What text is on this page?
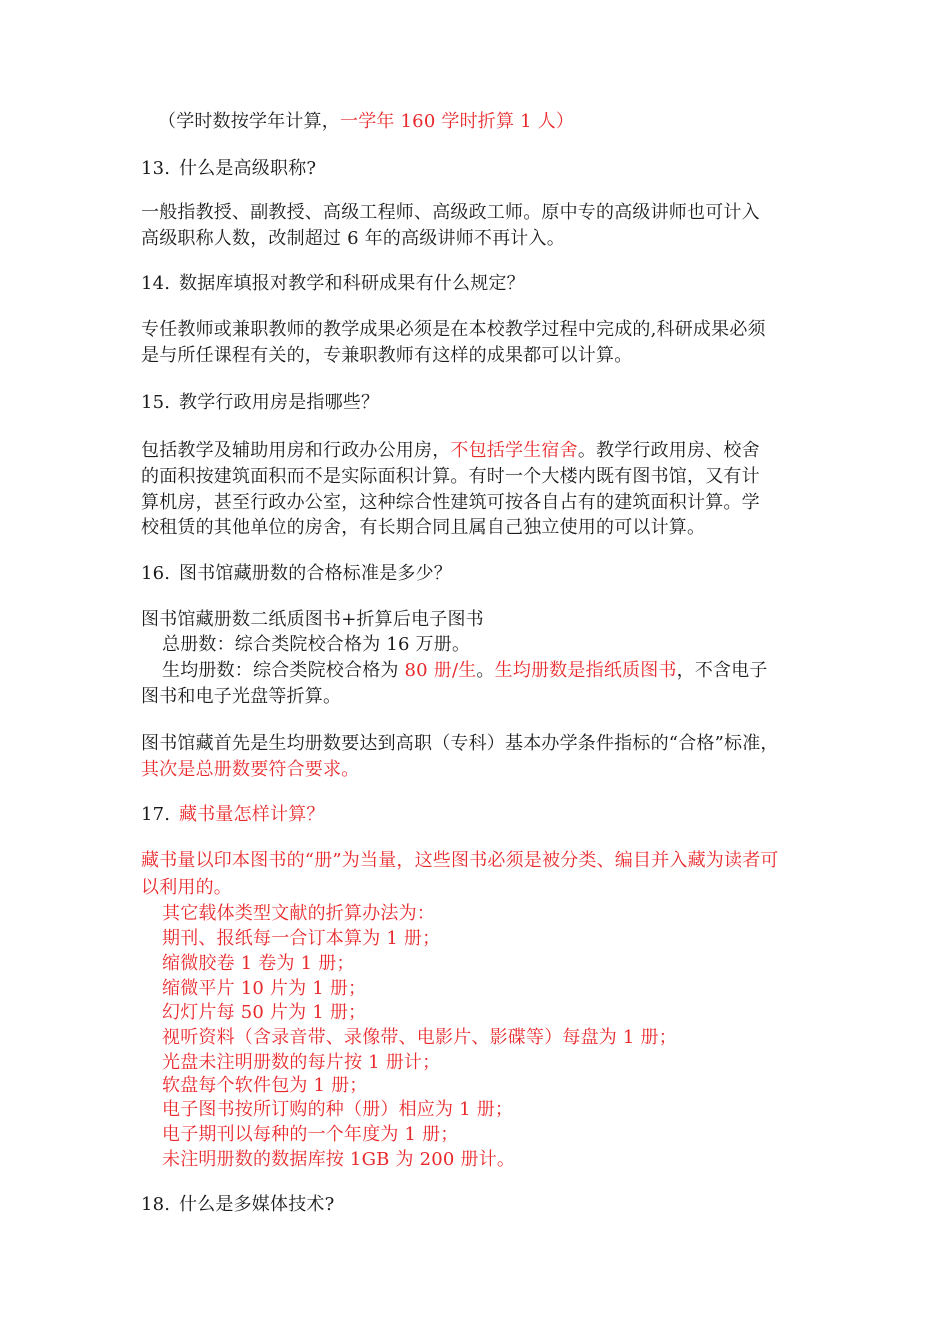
（学时数按学年计算，一学年 160 学时折算 1 人）
13. 什么是高级职称?
一般指教授、副教授、高级工程师、高级政工师。原中专的高级讲师也可计入
高级职称人数，改制超过 6 年的高级讲师不再计入。
14. 数据库填报对教学和科研成果有什么规定？
专任教师或兼职教师的教学成果必须是在本校教学过程中完成的,科研成果必须
是与所任课程有关的，专兼职教师有这样的成果都可以计算。
15. 教学行政用房是指哪些？
包括教学及辅助用房和行政办公用房，不包括学生宿舍。教学行政用房、校舍
的面积按建筑面积而不是实际面积计算。有时一个大楼内既有图书馆，又有计
算机房，甚至行政办公室，这种综合性建筑可按各自占有的建筑面积计算。学
校租赁的其他单位的房舍，有长期合同且属自己独立使用的可以计算。
16. 图书馆藏册数的合格标准是多少？
图书馆藏册数二纸质图书+折算后电子图书
总册数：综合类院校合格为 16 万册。
生均册数：综合类院校合格为 80 册/生。生均册数是指纸质图书，不含电子
图书和电子光盘等折算。
图书馆藏首先是生均册数要达到高职（专科）基本办学条件指标的“合格”标准，
其次是总册数要符合要求。
17. 藏书量怎样计算？
藏书量以印本图书的“册”为当量，这些图书必须是被分类、编目并入藏为读者可
以利用的。
其它载体类型文献的折算办法为：
期刊、报纸每一合订本算为 1 册；
缩微胶卷 1 卷为 1 册；
缩微平片 10 片为 1 册；
幻灯片每 50 片为 1 册；
视听资料（含录音带、录像带、电影片、影碟等）每盘为 1 册；
光盘未注明册数的每片按 1 册计；
软盘每个软件包为 1 册；
电子图书按所订购的种（册）相应为 1 册；
电子期刊以每种的一个年度为 1 册；
未注明册数的数据库按 1GB 为 200 册计。
18. 什么是多媒体技术?
